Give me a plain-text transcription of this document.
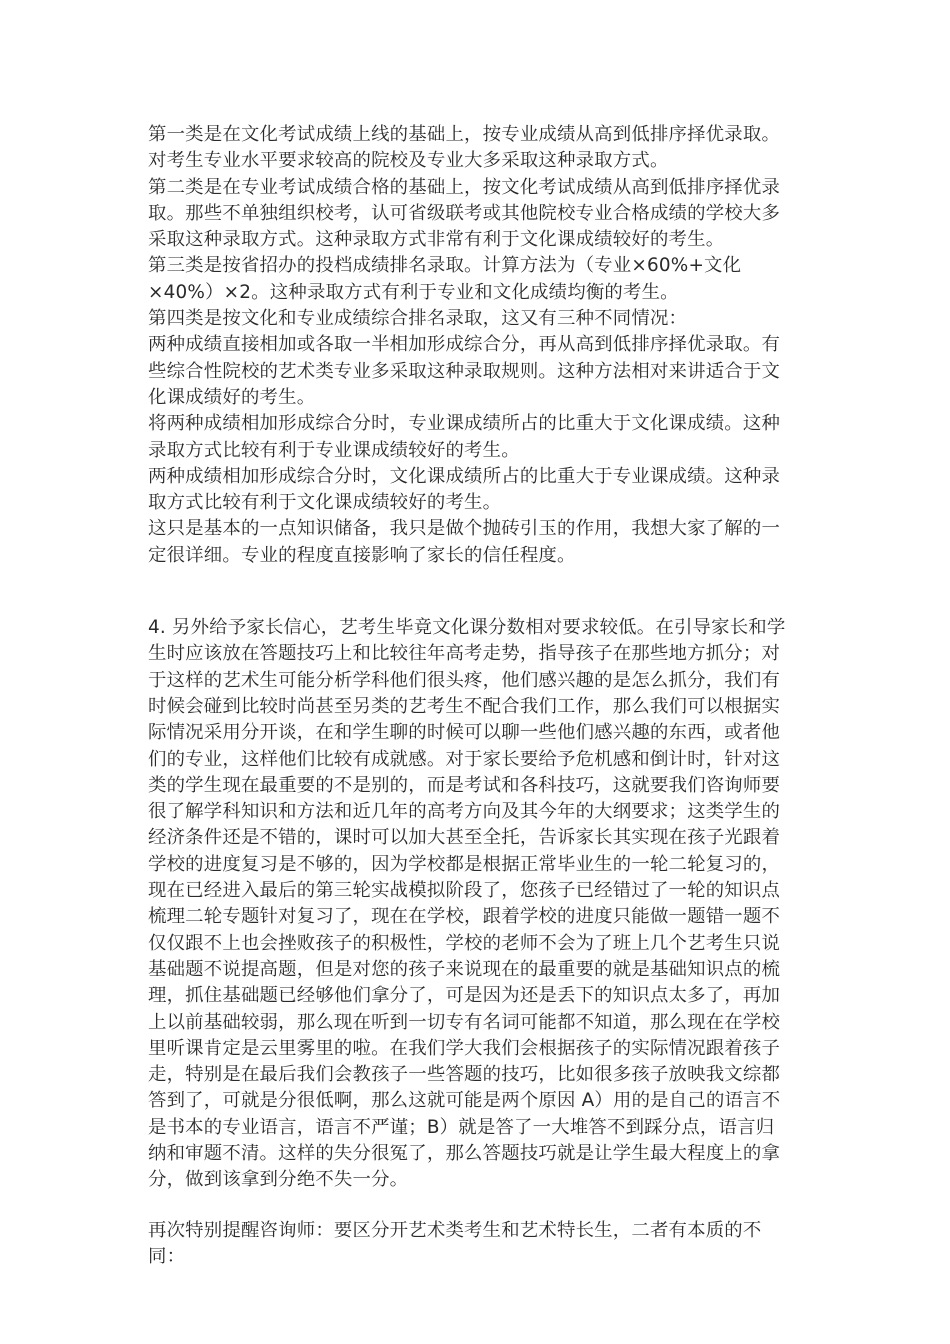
第一类是在文化考试成绩上线的基础上，按专业成绩从高到低排序择优录取。
对考生专业水平要求较高的院校及专业大多采取这种录取方式。

第二类是在专业考试成绩合格的基础上，按文化考试成绩从高到低排序择优录
取。那些不单独组织校考，认可省级联考或其他院校专业合格成绩的学校大多
采取这种录取方式。这种录取方式非常有利于文化课成绩较好的考生。

第三类是按省招办的投档成绩排名录取。计算方法为（专业×60%+文化
×40%）×2。这种录取方式有利于专业和文化成绩均衡的考生。

第四类是按文化和专业成绩综合排名录取，这又有三种不同情况：

两种成绩直接相加或各取一半相加形成综合分，再从高到低排序择优录取。有
些综合性院校的艺术类专业多采取这种录取规则。这种方法相对来讲适合于文
化课成绩好的考生。

将两种成绩相加形成综合分时，专业课成绩所占的比重大于文化课成绩。这种
录取方式比较有利于专业课成绩较好的考生。

两种成绩相加形成综合分时，文化课成绩所占的比重大于专业课成绩。这种录
取方式比较有利于文化课成绩较好的考生。

这只是基本的一点知识储备，我只是做个抛砖引玉的作用，我想大家了解的一
定很详细。专业的程度直接影响了家长的信任程度。

4. 另外给予家长信心，艺考生毕竟文化课分数相对要求较低。在引导家长和学
生时应该放在答题技巧上和比较往年高考走势，指导孩子在那些地方抓分；对
于这样的艺术生可能分析学科他们很头疼，他们感兴趣的是怎么抓分，我们有
时候会碰到比较时尚甚至另类的艺考生不配合我们工作，那么我们可以根据实
际情况采用分开谈，在和学生聊的时候可以聊一些他们感兴趣的东西，或者他
们的专业，这样他们比较有成就感。对于家长要给予危机感和倒计时，针对这
类的学生现在最重要的不是别的，而是考试和各科技巧，这就要我们咨询师要
很了解学科知识和方法和近几年的高考方向及其今年的大纲要求；这类学生的
经济条件还是不错的，课时可以加大甚至全托，告诉家长其实现在孩子光跟着
学校的进度复习是不够的，因为学校都是根据正常毕业生的一轮二轮复习的，
现在已经进入最后的第三轮实战模拟阶段了，您孩子已经错过了一轮的知识点
梳理二轮专题针对复习了，现在在学校，跟着学校的进度只能做一题错一题不
仅仅跟不上也会挫败孩子的积极性，学校的老师不会为了班上几个艺考生只说
基础题不说提高题，但是对您的孩子来说现在的最重要的就是基础知识点的梳
理，抓住基础题已经够他们拿分了，可是因为还是丢下的知识点太多了，再加
上以前基础较弱，那么现在听到一切专有名词可能都不知道，那么现在在学校
里听课肯定是云里雾里的啦。在我们学大我们会根据孩子的实际情况跟着孩子
走，特别是在最后我们会教孩子一些答题的技巧，比如很多孩子放映我文综都
答到了，可就是分很低啊，那么这就可能是两个原因 A）用的是自己的语言不
是书本的专业语言，语言不严谨；B）就是答了一大堆答不到踩分点，语言归
纳和审题不清。这样的失分很冤了，那么答题技巧就是让学生最大程度上的拿
分，做到该拿到分绝不失一分。

再次特别提醒咨询师：要区分开艺术类考生和艺术特长生，二者有本质的不
同：
